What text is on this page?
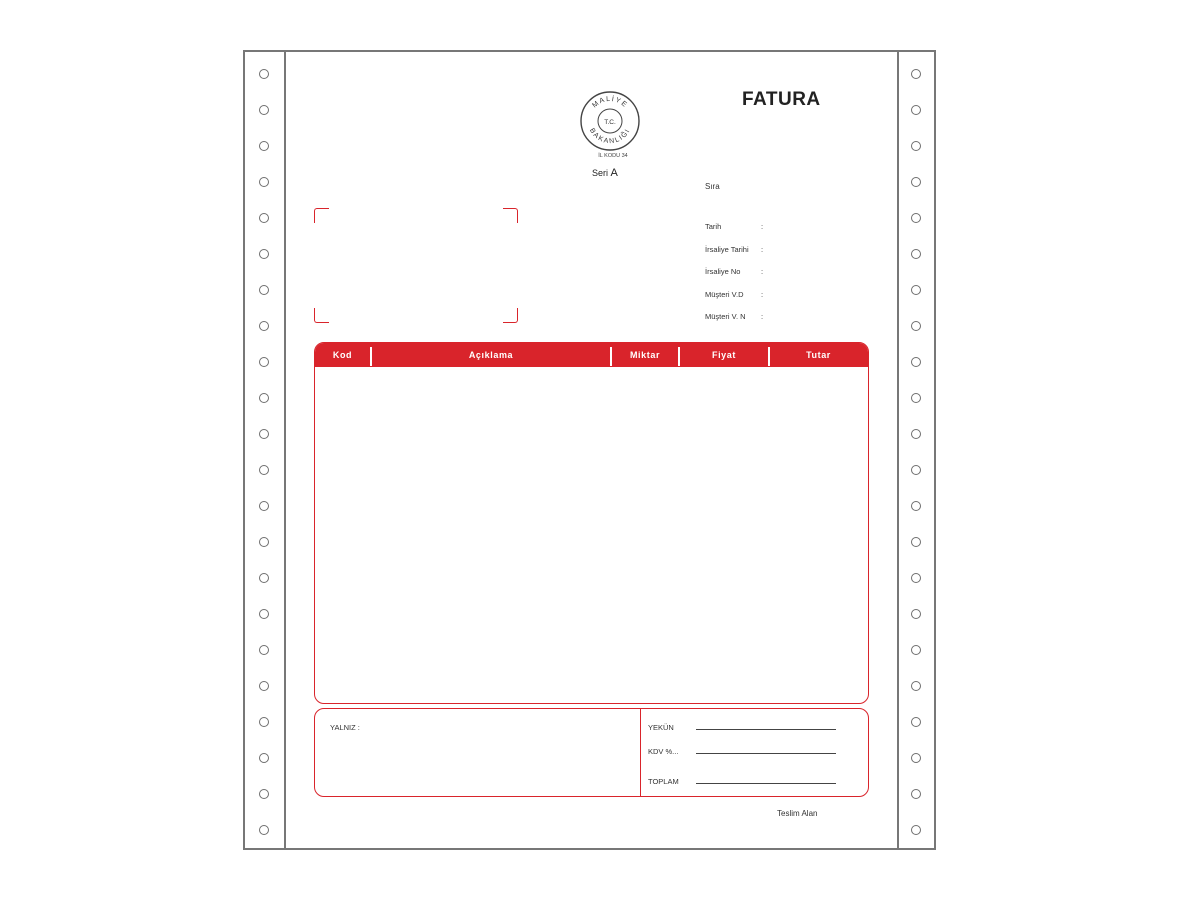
FATURA
MALİYE
BAKANLIĞI
T.C.
İL KODU 34
Seri A
Sıra
Tarih	:
İrsaliye Tarihi :
İrsaliye No	:
Müşteri V.D :
Müşteri V. N :
Kod	Açıklama	Miktar	Fiyat	Tutar
YALNIZ :	YEKÜN
KDV %...
TOPLAM
Teslim Alan
